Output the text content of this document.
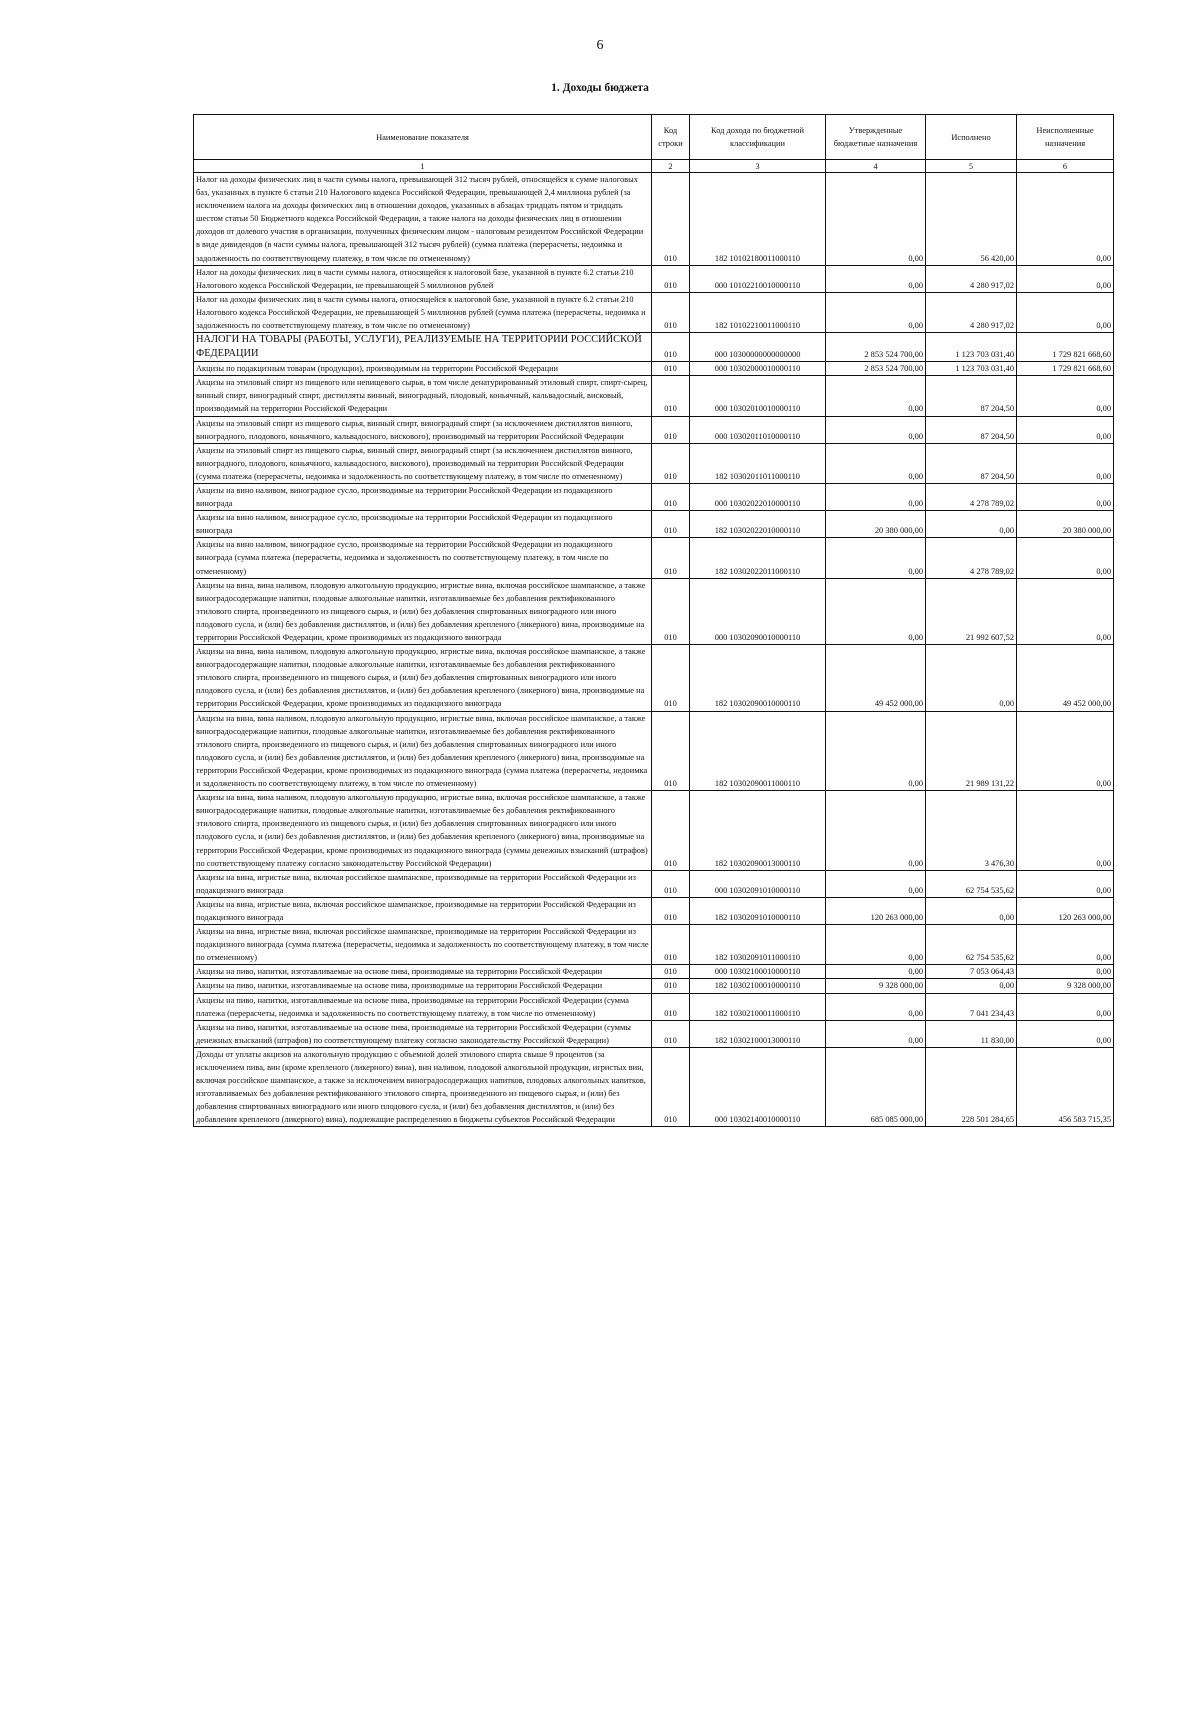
6
1. Доходы бюджета
Наименование показателя	Код строки	Код дохода по бюджетной классификации	Утвержденные бюджетные назначения	Исполнено	Неисполненные назначения
1	2	3	4	5	6
Налог на доходы физических лиц в части суммы налога, превышающей 312 тысяч рублей, относящейся к сумме налоговых баз, указанных в пункте 6 статьи 210 Налогового кодекса Российской Федерации, превышающей 2,4 миллиона рублей (за исключением налога на доходы физических лиц в отношении доходов, указанных в абзацах тридцать пятом и тридцать шестом статьи 50 Бюджетного кодекса Российской Федерации, а также налога на доходы физических лиц в отношении доходов от долевого участия в организации, полученных физическим лицом - налоговым резидентом Российской Федерации в виде дивидендов (в части суммы налога, превышающей 312 тысяч рублей) (сумма платежа (перерасчеты, недоимка и задолженность по соответствующему платежу, в том числе по отмененному)	010	182 10102180011000110	0,00	56 420,00	0,00
Налог на доходы физических лиц в части суммы налога, относящейся к налоговой базе, указанной в пункте 6.2 статьи 210 Налогового кодекса Российской Федерации, не превышающей 5 миллионов рублей	010	000 10102210010000110	0,00	4 280 917,02	0,00
Налог на доходы физических лиц в части суммы налога, относящейся к налоговой базе, указанной в пункте 6.2 статьи 210 Налогового кодекса Российской Федерации, не превышающей 5 миллионов рублей (сумма платежа (перерасчеты, недоимка и задолженность по соответствующему платежу, в том числе по отмененному)	010	182 10102210011000110	0,00	4 280 917,02	0,00
НАЛОГИ НА ТОВАРЫ (РАБОТЫ, УСЛУГИ), РЕАЛИЗУЕМЫЕ НА ТЕРРИТОРИИ РОССИЙСКОЙ ФЕДЕРАЦИИ	010	000 10300000000000000	2 853 524 700,00	1 123 703 031,40	1 729 821 668,60
Акцизы по подакцизным товарам (продукции), производимым на территории Российской Федерации	010	000 10302000010000110	2 853 524 700,00	1 123 703 031,40	1 729 821 668,60
Акцизы на этиловый спирт из пищевого или непищевого сырья, в том числе денатурированный этиловый спирт, спирт-сырец, винный спирт, виноградный спирт, дистилляты винный, виноградный, плодовый, коньячный, кальвадосный, висковый, производимый на территории Российской Федерации	010	000 10302010010000110	0,00	87 204,50	0,00
Акцизы на этиловый спирт из пищевого сырья, винный спирт, виноградный спирт (за исключением дистиллятов винного, виноградного, плодового, коньячного, кальвадосного, вискового), производимый на территории Российской Федерации	010	000 10302011010000110	0,00	87 204,50	0,00
Акцизы на этиловый спирт из пищевого сырья, винный спирт, виноградный спирт (за исключением дистиллятов винного, виноградного, плодового, коньячного, кальвадосного, вискового), производимый на территории Российской Федерации (сумма платежа (перерасчеты, недоимка и задолженность по соответствующему платежу, в том числе по отмененному)	010	182 10302011011000110	0,00	87 204,50	0,00
Акцизы на вино наливом, виноградное сусло, производимые на территории Российской Федерации из подакцизного винограда	010	000 10302022010000110	0,00	4 278 789,02	0,00
Акцизы на вино наливом, виноградное сусло, производимые на территории Российской Федерации из подакцизного винограда	010	182 10302022010000110	20 380 000,00	0,00	20 380 000,00
Акцизы на вино наливом, виноградное сусло, производимые на территории Российской Федерации из подакцизного винограда (сумма платежа (перерасчеты, недоимка и задолженность по соответствующему платежу, в том числе по отмененному)	010	182 10302022011000110	0,00	4 278 789,02	0,00
Акцизы на вина, вина наливом, плодовую алкогольную продукцию, игристые вина, включая российское шампанское, а также виноградосодержащие напитки, плодовые алкогольные напитки, изготавливаемые без добавления ректификованного этилового спирта, произведенного из пищевого сырья, и (или) без добавления спиртованных виноградного или иного плодового сусла, и (или) без добавления дистиллятов, и (или) без добавления крепленого (ликерного) вина, производимые на территории Российской Федерации, кроме производимых из подакцизного винограда	010	000 10302090010000110	0,00	21 992 607,52	0,00
Акцизы на вина, вина наливом, плодовую алкогольную продукцию, игристые вина, включая российское шампанское, а также виноградосодержащие напитки, плодовые алкогольные напитки, изготавливаемые без добавления ректификованного этилового спирта, произведенного из пищевого сырья, и (или) без добавления спиртованных виноградного или иного плодового сусла, и (или) без добавления дистиллятов, и (или) без добавления крепленого (ликерного) вина, производимые на территории Российской Федерации, кроме производимых из подакцизного винограда	010	182 10302090010000110	49 452 000,00	0,00	49 452 000,00
Акцизы на вина, вина наливом, плодовую алкогольную продукцию, игристые вина, включая российское шампанское, а также виноградосодержащие напитки, плодовые алкогольные напитки, изготавливаемые без добавления ректификованного этилового спирта, произведенного из пищевого сырья, и (или) без добавления спиртованных виноградного или иного плодового сусла, и (или) без добавления дистиллятов, и (или) без добавления крепленого (ликерного) вина, производимые на территории Российской Федерации, кроме производимых из подакцизного винограда (сумма платежа (перерасчеты, недоимка и задолженность по соответствующему платежу, в том числе по отмененному)	010	182 10302090011000110	0,00	21 989 131,22	0,00
Акцизы на вина, вина наливом, плодовую алкогольную продукцию, игристые вина, включая российское шампанское, а также виноградосодержащие напитки, плодовые алкогольные напитки, изготавливаемые без добавления ректификованного этилового спирта, произведенного из пищевого сырья, и (или) без добавления спиртованных виноградного или иного плодового сусла, и (или) без добавления дистиллятов, и (или) без добавления крепленого (ликерного) вина, производимые на территории Российской Федерации, кроме производимых из подакцизного винограда (суммы денежных взысканий (штрафов) по соответствующему платежу согласно законодательству Российской Федерации)	010	182 10302090013000110	0,00	3 476,30	0,00
Акцизы на вина, игристые вина, включая российское шампанское, производимые на территории Российской Федерации из подакцизного винограда	010	000 10302091010000110	0,00	62 754 535,62	0,00
Акцизы на вина, игристые вина, включая российское шампанское, производимые на территории Российской Федерации из подакцизного винограда	010	182 10302091010000110	120 263 000,00	0,00	120 263 000,00
Акцизы на вина, игристые вина, включая российское шампанское, производимые на территории Российской Федерации из подакцизного винограда (сумма платежа (перерасчеты, недоимка и задолженность по соответствующему платежу, в том числе по отмененному)	010	182 10302091011000110	0,00	62 754 535,62	0,00
Акцизы на пиво, напитки, изготавливаемые на основе пива, производимые на территории Российской Федерации	010	000 10302100010000110	0,00	7 053 064,43	0,00
Акцизы на пиво, напитки, изготавливаемые на основе пива, производимые на территории Российской Федерации	010	182 10302100010000110	9 328 000,00	0,00	9 328 000,00
Акцизы на пиво, напитки, изготавливаемые на основе пива, производимые на территории Российской Федерации (сумма платежа (перерасчеты, недоимка и задолженность по соответствующему платежу, в том числе по отмененному)	010	182 10302100011000110	0,00	7 041 234,43	0,00
Акцизы на пиво, напитки, изготавливаемые на основе пива, производимые на территории Российской Федерации (суммы денежных взысканий (штрафов) по соответствующему платежу согласно законодательству Российской Федерации)	010	182 10302100013000110	0,00	11 830,00	0,00
Доходы от уплаты акцизов на алкогольную продукцию с объемной долей этилового спирта свыше 9 процентов (за исключением пива, вин (кроме крепленого (ликерного) вина), вин наливом, плодовой алкогольной продукции, игристых вин, включая российское шампанское, а также за исключением виноградосодержащих напитков, плодовых алкогольных напитков, изготавливаемых без добавления ректификованного этилового спирта, произведенного из пищевого сырья, и (или) без добавления спиртованных виноградного или иного плодового сусла, и (или) без добавления дистиллятов, и (или) без добавления крепленого (ликерного) вина), подлежащие распределению в бюджеты субъектов Российской Федерации	010	000 10302140010000110	685 085 000,00	228 501 284,65	456 583 715,35
